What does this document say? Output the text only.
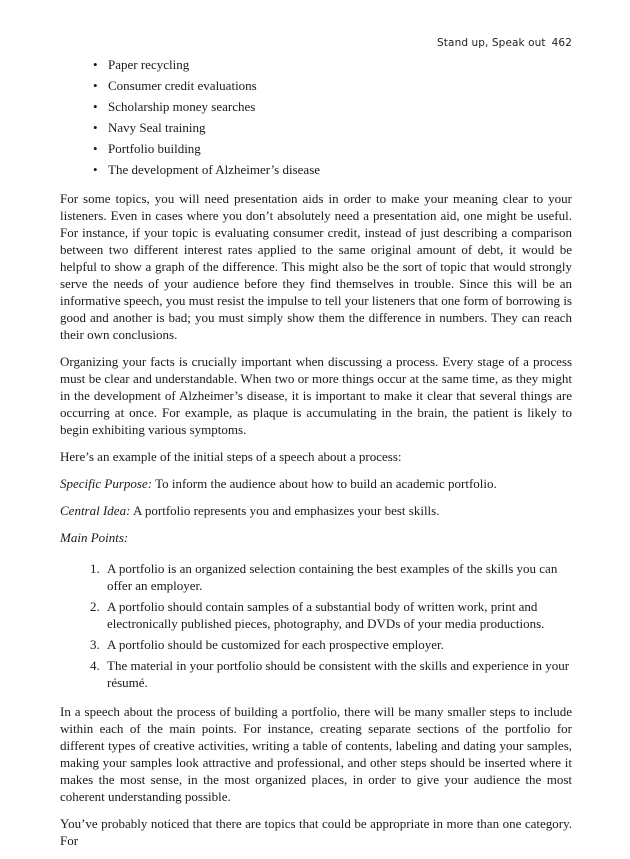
Stand up, Speak out 462
• Paper recycling
• Consumer credit evaluations
• Scholarship money searches
• Navy Seal training
• Portfolio building
• The development of Alzheimer’s disease

For some topics, you will need presentation aids in order to make your meaning clear to your listeners. Even in cases where you don’t absolutely need a presentation aid, one might be useful. For instance, if your topic is evaluating consumer credit, instead of just describing a comparison between two different interest rates applied to the same original amount of debt, it would be helpful to show a graph of the difference. This might also be the sort of topic that would strongly serve the needs of your audience before they find themselves in trouble. Since this will be an informative speech, you must resist the impulse to tell your listeners that one form of borrowing is good and another is bad; you must simply show them the difference in numbers. They can reach their own conclusions.

Organizing your facts is crucially important when discussing a process. Every stage of a process must be clear and understandable. When two or more things occur at the same time, as they might in the development of Alzheimer’s disease, it is important to make it clear that several things are occurring at once. For example, as plaque is accumulating in the brain, the patient is likely to begin exhibiting various symptoms.

Here’s an example of the initial steps of a speech about a process:

Specific Purpose: To inform the audience about how to build an academic portfolio.

Central Idea: A portfolio represents you and emphasizes your best skills.

Main Points:

1. A portfolio is an organized selection containing the best examples of the skills you can offer an employer.
2. A portfolio should contain samples of a substantial body of written work, print and electronically published pieces, photography, and DVDs of your media productions.
3. A portfolio should be customized for each prospective employer.
4. The material in your portfolio should be consistent with the skills and experience in your résumé.

In a speech about the process of building a portfolio, there will be many smaller steps to include within each of the main points. For instance, creating separate sections of the portfolio for different types of creative activities, writing a table of contents, labeling and dating your samples, making your samples look attractive and professional, and other steps should be inserted where it makes the most sense, in the most organized places, in order to give your audience the most coherent understanding possible.

You’ve probably noticed that there are topics that could be appropriate in more than one category. For
